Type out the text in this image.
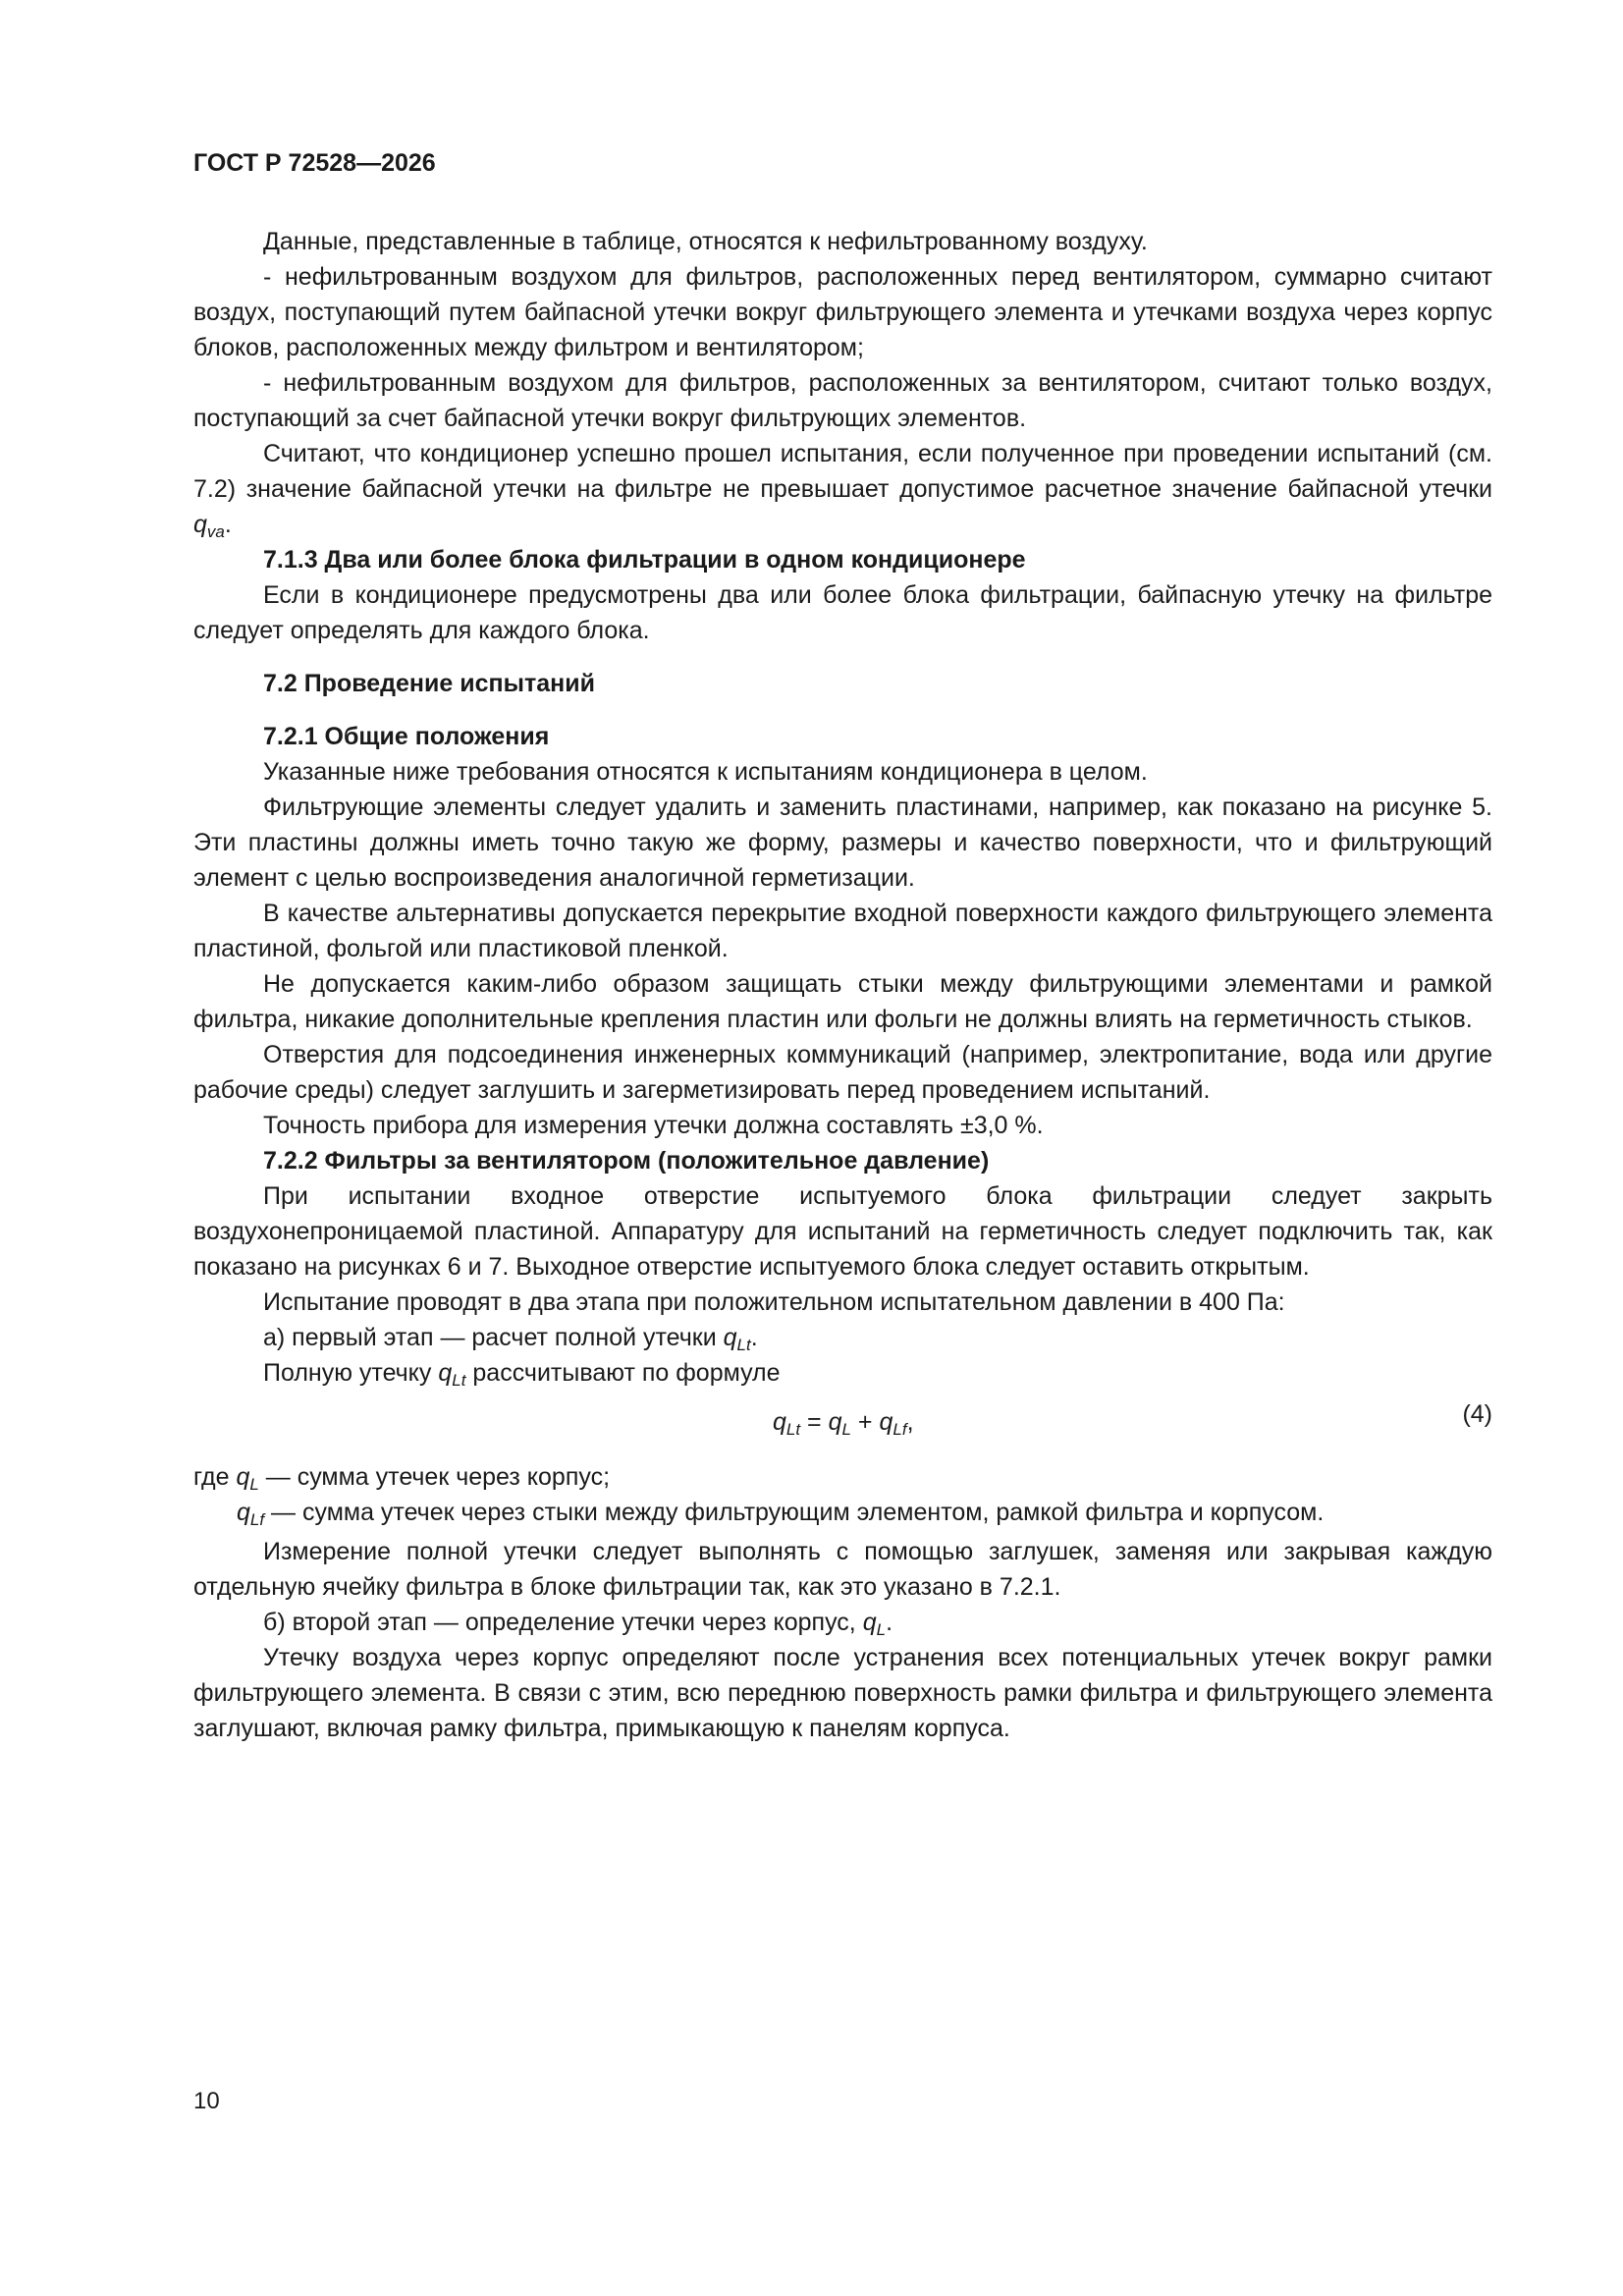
ГОСТ Р 72528—2026

Данные, представленные в таблице, относятся к нефильтрованному воздуху.

- нефильтрованным воздухом для фильтров, расположенных перед вентилятором, суммарно считают воздух, поступающий путем байпасной утечки вокруг фильтрующего элемента и утечками воздуха через корпус блоков, расположенных между фильтром и вентилятором;

- нефильтрованным воздухом для фильтров, расположенных за вентилятором, считают только воздух, поступающий за счет байпасной утечки вокруг фильтрующих элементов.

Считают, что кондиционер успешно прошел испытания, если полученное при проведении испытаний (см. 7.2) значение байпасной утечки на фильтре не превышает допустимое расчетное значение байпасной утечки $q_{va}$.

7.1.3 Два или более блока фильтрации в одном кондиционере

Если в кондиционере предусмотрены два или более блока фильтрации, байпасную утечку на фильтре следует определять для каждого блока.

7.2 Проведение испытаний

7.2.1 Общие положения

Указанные ниже требования относятся к испытаниям кондиционера в целом.

Фильтрующие элементы следует удалить и заменить пластинами, например, как показано на рисунке 5. Эти пластины должны иметь точно такую же форму, размеры и качество поверхности, что и фильтрующий элемент с целью воспроизведения аналогичной герметизации.

В качестве альтернативы допускается перекрытие входной поверхности каждого фильтрующего элемента пластиной, фольгой или пластиковой пленкой.

Не допускается каким-либо образом защищать стыки между фильтрующими элементами и рамкой фильтра, никакие дополнительные крепления пластин или фольги не должны влиять на герметичность стыков.

Отверстия для подсоединения инженерных коммуникаций (например, электропитание, вода или другие рабочие среды) следует заглушить и загерметизировать перед проведением испытаний.

Точность прибора для измерения утечки должна составлять ±3,0 %.

7.2.2 Фильтры за вентилятором (положительное давление)

При испытании входное отверстие испытуемого блока фильтрации следует закрыть воздухонепроницаемой пластиной. Аппаратуру для испытаний на герметичность следует подключить так, как показано на рисунках 6 и 7. Выходное отверстие испытуемого блока следует оставить открытым.

Испытание проводят в два этапа при положительном испытательном давлении в 400 Па:

а) первый этап — расчет полной утечки $q_{Lt}$.

Полную утечку $q_{Lt}$ рассчитывают по формуле

$q_{Lt} = q_L + q_{Lf}$,	(4)

где $q_L$ — сумма утечек через корпус;

$q_{Lf}$ — сумма утечек через стыки между фильтрующим элементом, рамкой фильтра и корпусом.

Измерение полной утечки следует выполнять с помощью заглушек, заменяя или закрывая каждую отдельную ячейку фильтра в блоке фильтрации так, как это указано в 7.2.1.

б) второй этап — определение утечки через корпус, $q_L$.

Утечку воздуха через корпус определяют после устранения всех потенциальных утечек вокруг рамки фильтрующего элемента. В связи с этим, всю переднюю поверхность рамки фильтра и фильтрующего элемента заглушают, включая рамку фильтра, примыкающую к панелям корпуса.

10
